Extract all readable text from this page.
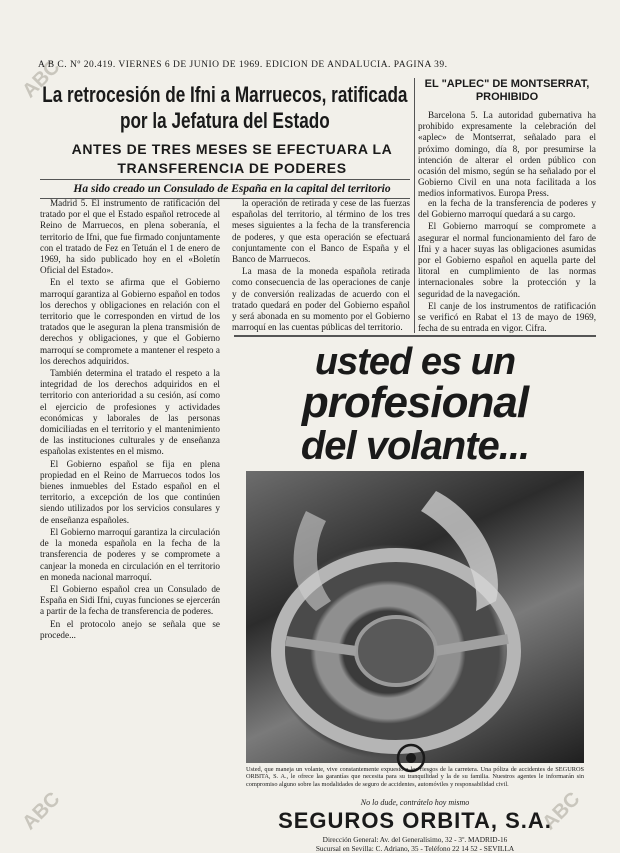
ABC
ABC	ABC
A B C. Nº 20.419. VIERNES 6 DE JUNIO DE 1969. EDICION DE ANDALUCIA. PAGINA 39.
La retrocesión de Ifni a Marruecos, ratificada por la Jefatura del Estado
ANTES DE TRES MESES SE EFECTUARA LA TRANSFERENCIA DE PODERES
Ha sido creado un Consulado de España en la capital del territorio

Madrid 5. El instrumento de ratificación del tratado por el que el Estado español retrocede al Reino de Marruecos, en plena soberanía, el territorio de Ifni, que fue firmado conjuntamente con el tratado de Fez en Tetuán el 1 de enero de 1969, ha sido publicado hoy en el «Boletín Oficial del Estado».

En el texto se afirma que el Gobierno marroquí garantiza al Gobierno español en todos los derechos y obligaciones en relación con el territorio que le corresponden en virtud de los tratados que le aseguran la plena transmisión de derechos y obligaciones, y que el Gobierno marroquí se compromete a mantener el respeto a los derechos adquiridos.

También determina el tratado el respeto a la integridad de los derechos adquiridos en el territorio con anterioridad a su cesión, así como el ejercicio de profesiones y actividades económicas y laborales de las personas domiciliadas en el territorio y el mantenimiento de las instituciones culturales y de enseñanza españolas existentes en el mismo.

El Gobierno español se fija en plena propiedad en el Reino de Marruecos todos los bienes inmuebles del Estado español en el territorio, a excepción de los que continúen siendo utilizados por los servicios consulares y de enseñanza españoles.

El Gobierno marroquí garantiza la circulación de la moneda española en la fecha de la transferencia de poderes y se compromete a canjear la moneda en circulación en el territorio en moneda nacional marroquí.

El Gobierno español crea un Consulado de España en Sidi Ifni, cuyas funciones se ejercerán a partir de la fecha de transferencia de poderes.

En el protocolo anejo se señala que se procede...

la operación de retirada y cese de las fuerzas españolas del territorio, al término de los tres meses siguientes a la fecha de la transferencia de poderes, y que esta operación se efectuará conjuntamente con el Banco de España y el Banco de Marruecos.

La masa de la moneda española retirada como consecuencia de las operaciones de canje y de conversión realizadas de acuerdo con el tratado quedará en poder del Gobierno español y será abonada en su momento por el Gobierno marroquí en las cuentas públicas del territorio.

en la fecha de la transferencia de poderes y del Gobierno marroquí quedará a su cargo.

El Gobierno marroquí se compromete a asegurar el normal funcionamiento del faro de Ifni y a hacer suyas las obligaciones asumidas por el Gobierno español en aquella parte del litoral en cumplimiento de las normas internacionales sobre la protección y la seguridad de la navegación.

El canje de los instrumentos de ratificación se verificó en Rabat el 13 de mayo de 1969, fecha de su entrada en vigor. Cifra.

EL "APLEC" DE MONTSERRAT, PROHIBIDO

Barcelona 5. La autoridad gubernativa ha prohibido expresamente la celebración del «aplec» de Montserrat, señalado para el próximo domingo, día 8, por presumirse la intención de alterar el orden público con ocasión del mismo, según se ha señalado por el Gobierno Civil en una nota facilitada a los medios informativos. Europa Press.

usted es un
profesional
del volante...
Usted, que maneja un volante, vive constantemente expuesto a los riesgos de la carretera. Una póliza de accidentes de SEGUROS ORBITA, S. A., le ofrece las garantías que necesita para su tranquilidad y la de su familia. Nuestros agentes le informarán sin compromiso alguno sobre las modalidades de seguro de accidentes, automóviles y responsabilidad civil.
No lo dude, contrátelo hoy mismo
SEGUROS ORBITA, S.A.
Dirección General: Av. del Generalísimo, 32 - 3º. MADRID-16
Sucursal en Sevilla: C. Adriano, 35 - Teléfono 22 14 52 - SEVILLA
